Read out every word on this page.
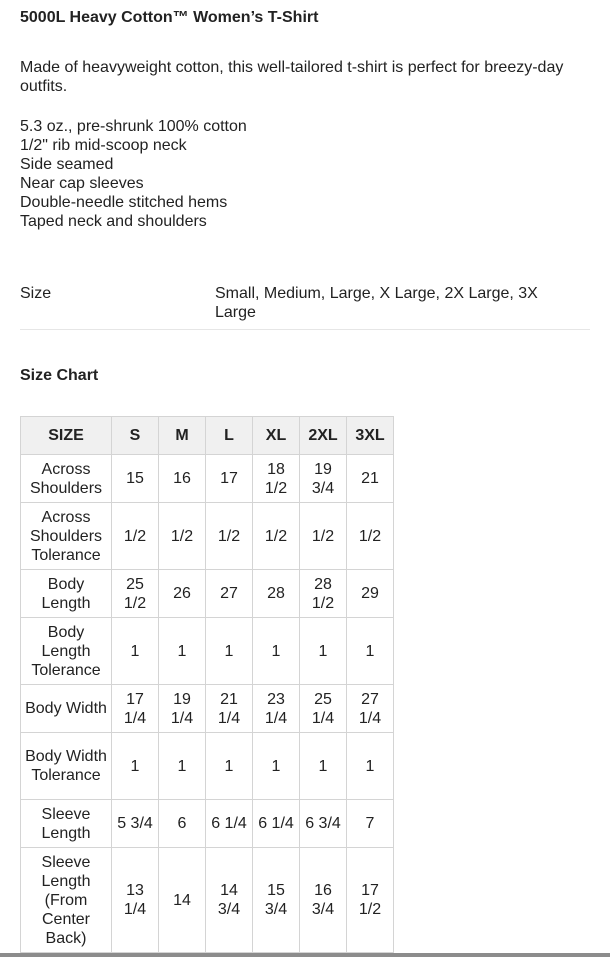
5000L Heavy Cotton™ Women’s T-Shirt

Made of heavyweight cotton, this well-tailored t-shirt is perfect for breezy-day outfits.

5.3 oz., pre-shrunk 100% cotton
1/2" rib mid-scoop neck
Side seamed
Near cap sleeves
Double-needle stitched hems
Taped neck and shoulders
Size	Small, Medium, Large, X Large, 2X Large, 3X Large
Size Chart
SIZE	S	M	L	XL	2XL	3XL
Across Shoulders	15	16	17	18 1/2	19 3/4	21
Across Shoulders Tolerance	1/2	1/2	1/2	1/2	1/2	1/2
Body Length	25 1/2	26	27	28	28 1/2	29
Body Length Tolerance	1	1	1	1	1	1
Body Width	17 1/4	19 1/4	21 1/4	23 1/4	25 1/4	27 1/4
Body Width Tolerance	1	1	1	1	1	1
Sleeve Length	5 3/4	6	6 1/4	6 1/4	6 3/4	7
Sleeve Length (From Center Back)	13 1/4	14	14 3/4	15 3/4	16 3/4	17 1/2
